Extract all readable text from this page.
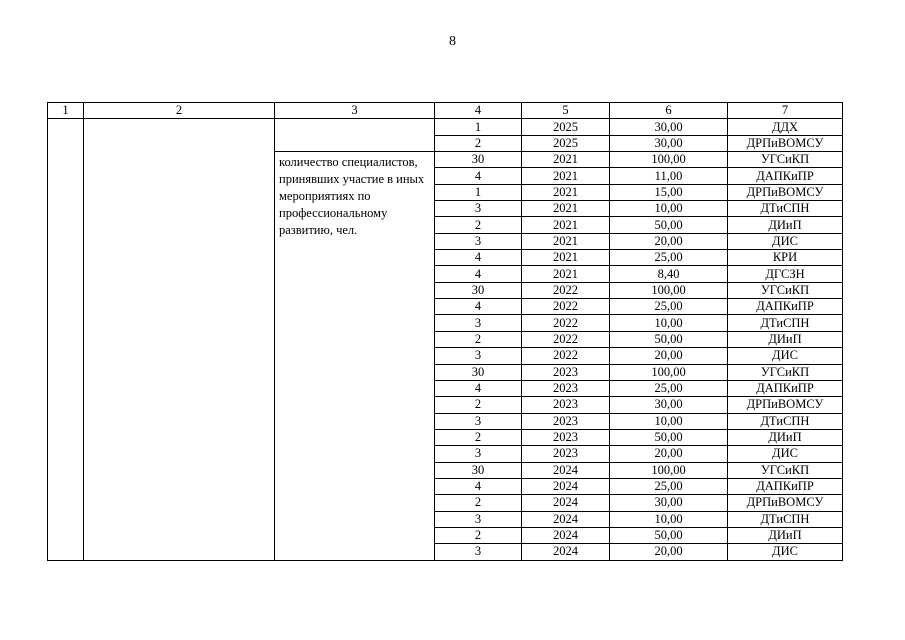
8
1	2	3	4	5	6	7
			1	2025	30,00	ДДХ
			2	2025	30,00	ДРПиВОМСУ
		количество специалистов, принявших участие в иных мероприятиях по профессиональному развитию, чел.	30	2021	100,00	УГСиКП
			4	2021	11,00	ДАПКиПР
			1	2021	15,00	ДРПиВОМСУ
			3	2021	10,00	ДТиСПН
			2	2021	50,00	ДИиП
			3	2021	20,00	ДИС
			4	2021	25,00	КРИ
			4	2021	8,40	ДГСЗН
			30	2022	100,00	УГСиКП
			4	2022	25,00	ДАПКиПР
			3	2022	10,00	ДТиСПН
			2	2022	50,00	ДИиП
			3	2022	20,00	ДИС
			30	2023	100,00	УГСиКП
			4	2023	25,00	ДАПКиПР
			2	2023	30,00	ДРПиВОМСУ
			3	2023	10,00	ДТиСПН
			2	2023	50,00	ДИиП
			3	2023	20,00	ДИС
			30	2024	100,00	УГСиКП
			4	2024	25,00	ДАПКиПР
			2	2024	30,00	ДРПиВОМСУ
			3	2024	10,00	ДТиСПН
			2	2024	50,00	ДИиП
			3	2024	20,00	ДИС
